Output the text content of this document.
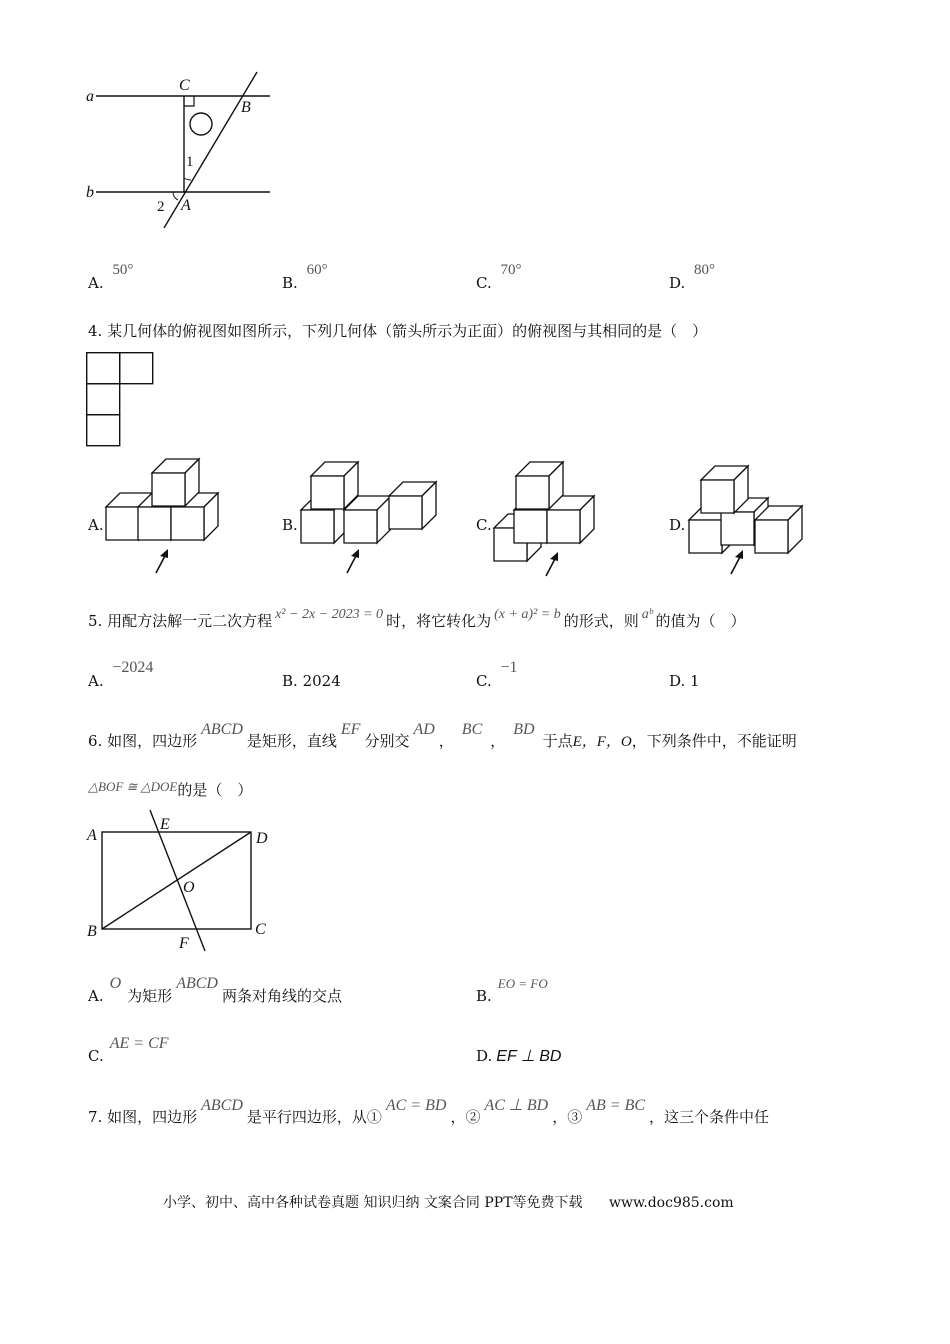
a
b
C
B
A
1
2
A. 50°
B. 60°
C. 70°
D. 80°
4. 某几何体的俯视图如图所示，下列几何体（箭头所示为正面）的俯视图与其相同的是（　）
A.	B.	C.	D.
5. 用配方法解一元二次方程 x² − 2x − 2023 = 0 时，将它转化为 (x + a)² = b 的形式，则 aᵇ 的值为（　）
A. −2024
B. 2024	C. −1
D. 1
6. 如图，四边形ABCD是矩形，直线EF分别交AD，BC，BD于点E，F，O，下列条件中，不能证明
△BOF ≅ △DOE的是（　）
A
E
D
O
B
F
C
A.O为矩形ABCD两条对角线的交点	B.EO = FO
C.AE = CF
D. EF ⊥ BD
7. 如图，四边形ABCD是平行四边形，从①AC = BD，②AC ⊥ BD，③AB = BC，这三个条件中任
小学、初中、高中各种试卷真题 知识归纳 文案合同 PPT等免费下载 www.doc985.com
